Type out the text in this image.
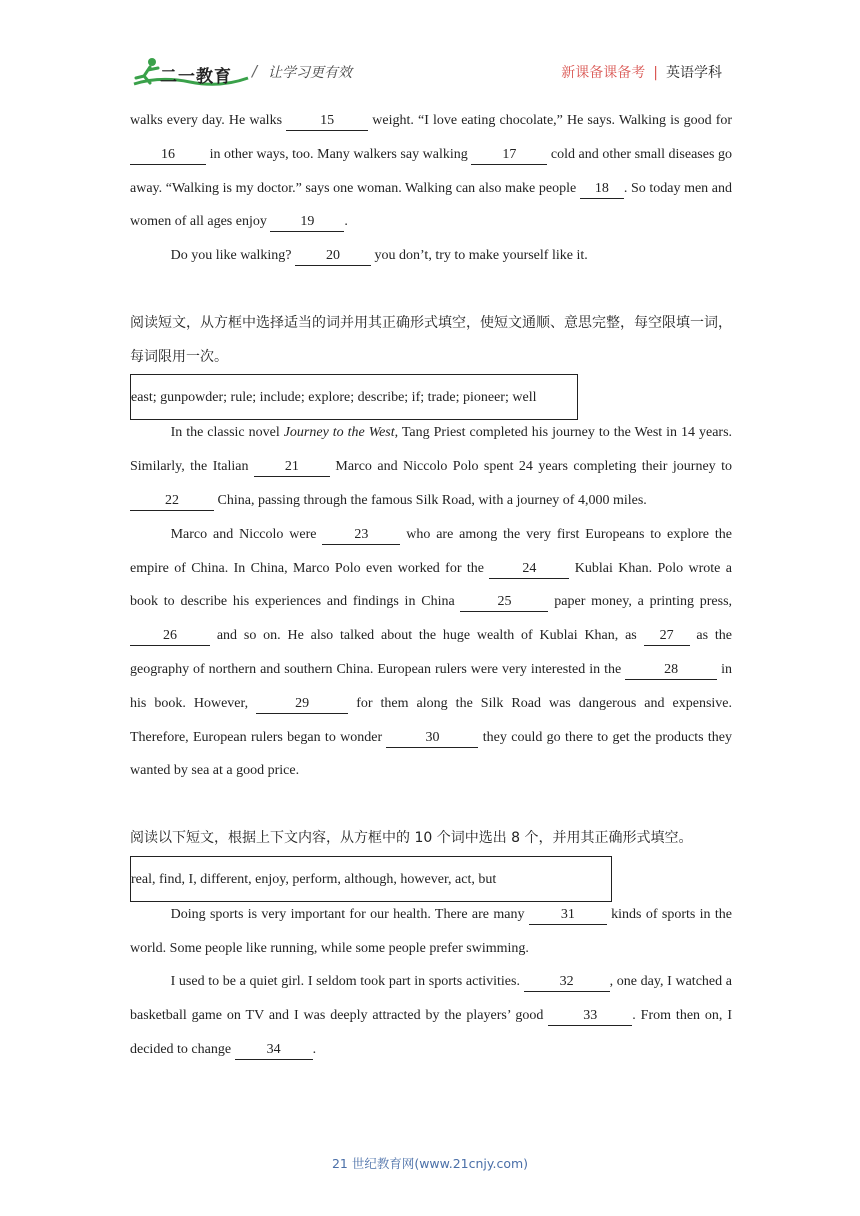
二一教育 / 让学习更有效	新课备课备考 | 英语学科

walks every day. He walks	15	weight. “I love eating chocolate,” He says. Walking is good for 16 in other ways, too. Many walkers say walking 17 cold and other small diseases go away. “Walking is my doctor.” says one woman. Walking can also make people 18 . So today men and women of all ages enjoy 19 .

Do you like walking? 20 you don’t, try to make yourself like it.

阅读短文，从方框中选择适当的词并用其正确形式填空，使短文通顺、意思完整，每空限填一词，每词限用一次。

east; gunpowder; rule; include; explore; describe; if; trade; pioneer; well

In the classic novel Journey to the West, Tang Priest completed his journey to the West in 14 years. Similarly, the Italian	21	Marco and Niccolo Polo spent 24 years completing their journey to 22	China, passing through the famous Silk Road, with a journey of 4,000 miles.

Marco and Niccolo were	23	who are among the very first Europeans to explore the empire of China. In China, Marco Polo even worked for the	24	Kublai Khan. Polo wrote a book to describe his experiences and findings in China	25	paper money, a printing press, 26	and so on. He also talked about the huge wealth of Kublai Khan, as 27 as the geography of northern and southern China. European rulers were very interested in the	28	in his book. However,	29	for them along the Silk Road was dangerous and expensive. Therefore, European rulers began to wonder	30	they could go there to get the products they wanted by sea at a good price.

阅读以下短文，根据上下文内容，从方框中的 10 个词中选出 8 个，并用其正确形式填空。

real, find, I, different, enjoy, perform, although, however, act, but

Doing sports is very important for our health. There are many	31	kinds of sports in the world. Some people like running, while some people prefer swimming.

I used to be a quiet girl. I seldom took part in sports activities.	32	, one day, I watched a basketball game on TV and I was deeply attracted by the players’ good	33	. From then on, I decided to change	34 .

21 世纪教育网(www.21cnjy.com)
